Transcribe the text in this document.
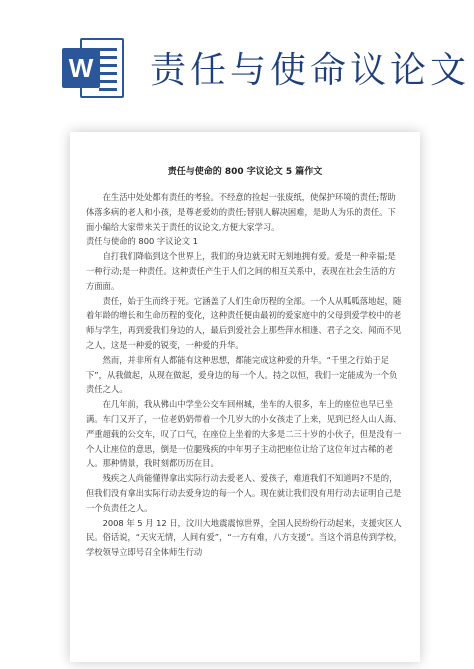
W 责任与使命议论文
责任与使命的 800 字议论文 5 篇作文

在生活中处处都有责任的考验。不经意的捡起一张废纸，使保护环境的责任;帮助体落多病的老人和小孩，是尊老爱幼的责任;替别人解决困难，是助人为乐的责任。下面小编给大家带来关于责任的议论文,方便大家学习。

责任与使命的 800 字议论文 1

自打我们降临到这个世界上，我们的身边就无时无刻地拥有爱。爱是一种幸福;是一种行动;是一种责任。这种责任产生于人们之间的相互关系中，表现在社会生活的方方面面。

责任，始于生而终于死。它涵盖了人们生命历程的全部。一个人从呱呱落地起，随着年龄的增长和生命历程的变化，这种责任便由最初的爱家庭中的父母到爱学校中的老师与学生，再到爱我们身边的人，最后到爱社会上那些萍水相逢、君子之交、闻而不见之人，这是一种爱的锐变，一种爱的升华。

然而，并非所有人都能有这种思想，都能完成这种爱的升华。“千里之行始于足下”，从我做起，从现在做起，爱身边的每一个人。持之以恒，我们一定能成为一个负责任之人。

在几年前，我从佛山中学坐公交车回州城，坐车的人很多，车上的座位也早已坐满。车门又开了，一位老奶奶带着一个几岁大的小女孩走了上来，见到已经人山人海、严重超载的公交车，叹了口气，在座位上坐着的大多是二三十岁的小伙子，但是没有一个人让座位的意思，倒是一位腿残疾的中年男子主动把座位让给了这位年过古稀的老人。那种情景，我时刻都历历在目。

残疾之人尚能懂得拿出实际行动去爱老人、爱孩子，难道我们不知道吗?不是的，但我们没有拿出实际行动去爱身边的每一个人。现在就让我们没有用行动去证明自己是一个负责任之人。

2008 年 5 月 12 日，汶川大地震震惊世界，全国人民纷纷行动起来，支援灾区人民。俗话说，“天灾无情，人间有爱”，“一方有难，八方支援”。当这个消息传到学校，学校领导立即号召全体师生行动
